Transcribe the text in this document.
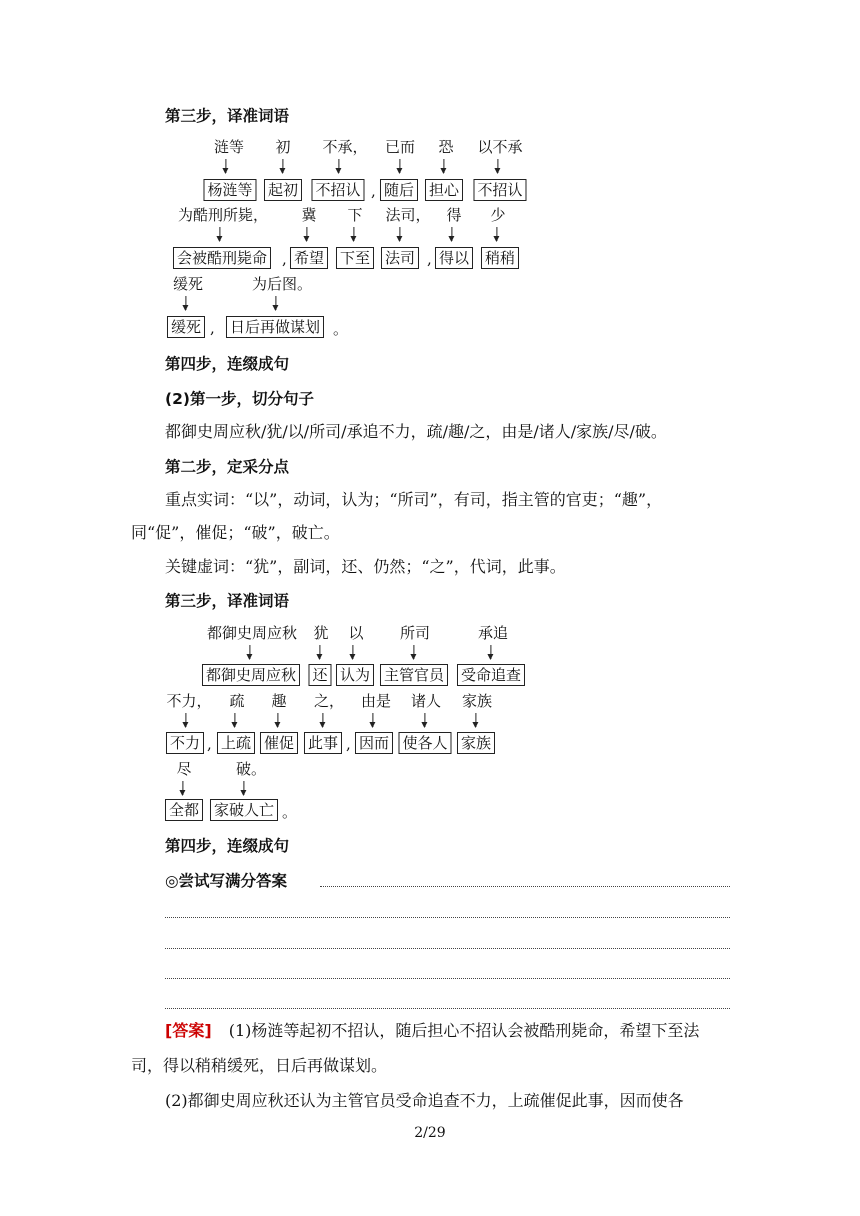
第三步，译准词语
涟等 初 不承， 已而 恐 以不承
杨涟等 起初 不招认 , 随后 担心 不招认
为酷刑所毙， 冀 下 法司， 得 少
会被酷刑毙命 , 希望 下至 法司 , 得以 稍稍
缓死	为后图。
缓死 , 日后再做谋划 。
第四步，连缀成句
(2)第一步，切分句子
都御史周应秋/犹/以/所司/承追不力，疏/趣/之，由是/诸人/家族/尽/破。
第二步，定采分点
重点实词：“以”，动词，认为；“所司”，有司，指主管的官吏；“趣”，
同“促”，催促；“破”，破亡。
关键虚词：“犹”，副词，还、仍然；“之”，代词，此事。
第三步，译准词语
都御史周应秋 犹 以 所司	承追
都御史周应秋 还 认为 主管官员 受命追查
不力， 疏 趣 之， 由是 诸人 家族
不力 , 上疏 催促 此事 , 因而 使各人 家族
尽	破。
全都 家破人亡 。
第四步，连缀成句
◎尝试写满分答案
[答案] (1)杨涟等起初不招认，随后担心不招认会被酷刑毙命，希望下至法
司，得以稍稍缓死，日后再做谋划。
(2)都御史周应秋还认为主管官员受命追查不力，上疏催促此事，因而使各
2/29
